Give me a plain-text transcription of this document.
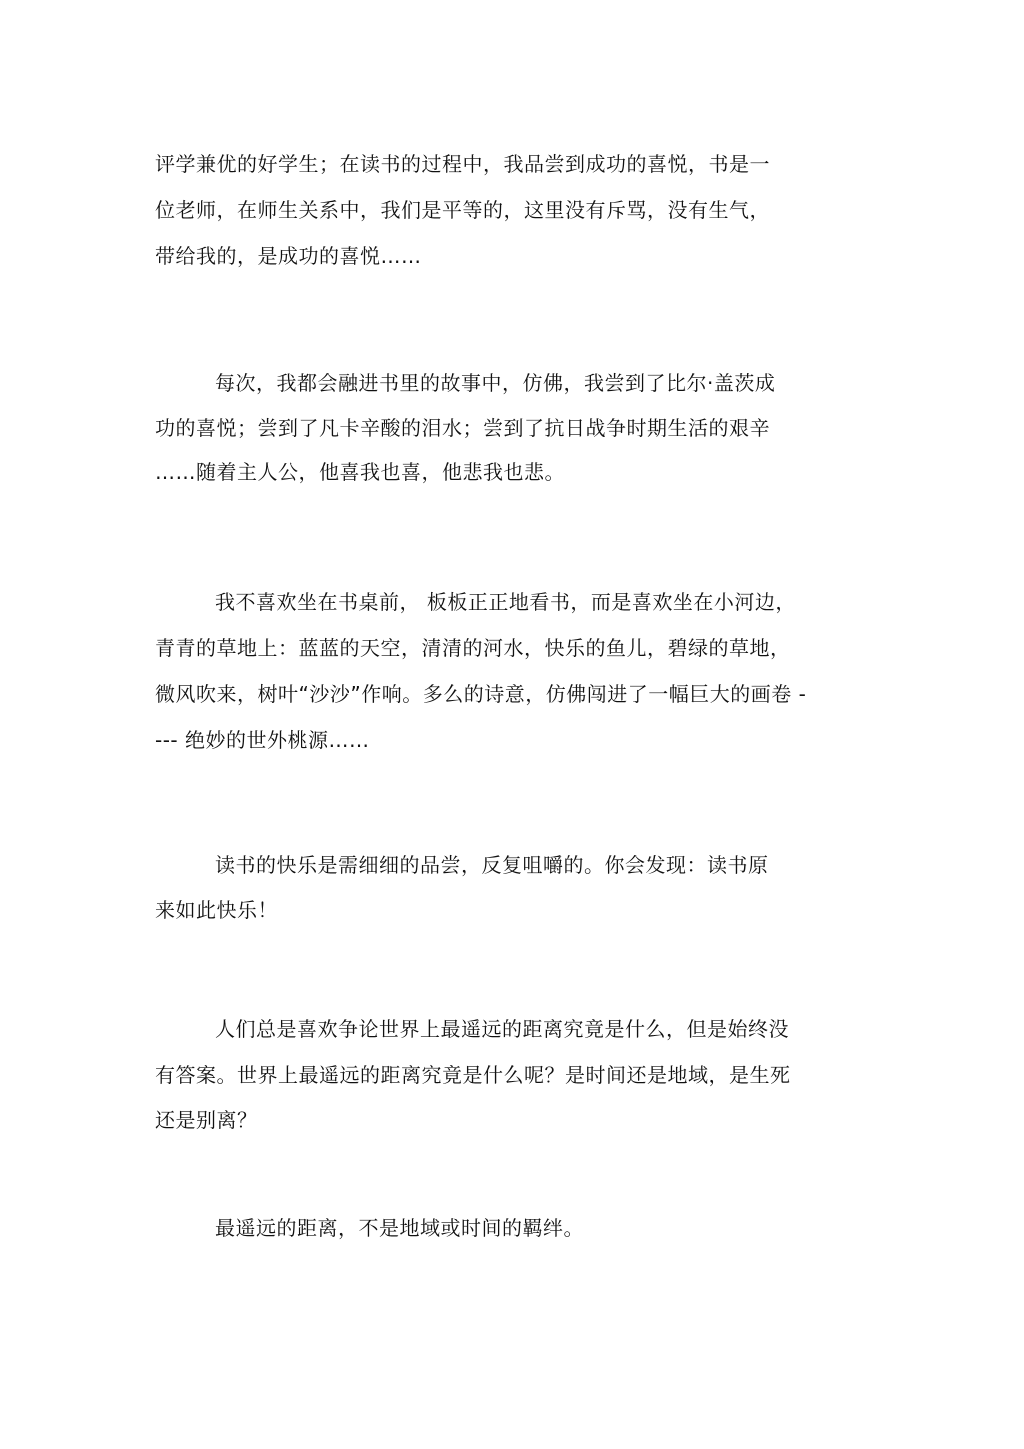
评学兼优的好学生；在读书的过程中，我品尝到成功的喜悦，书是一
位老师，在师生关系中，我们是平等的，这里没有斥骂，没有生气，
带给我的，是成功的喜悦……
每次，我都会融进书里的故事中，仿佛，我尝到了比尔·盖茨成
功的喜悦；尝到了凡卡辛酸的泪水；尝到了抗日战争时期生活的艰辛
……随着主人公，他喜我也喜，他悲我也悲。
我不喜欢坐在书桌前， 板板正正地看书，而是喜欢坐在小河边，
青青的草地上：蓝蓝的天空，清清的河水，快乐的鱼儿，碧绿的草地，
微风吹来，树叶“沙沙”作响。多么的诗意，仿佛闯进了一幅巨大的画卷 -
--- 绝妙的世外桃源……
读书的快乐是需细细的品尝，反复咀嚼的。你会发现：读书原
来如此快乐！
人们总是喜欢争论世界上最遥远的距离究竟是什么，但是始终没
有答案。世界上最遥远的距离究竟是什么呢？是时间还是地域，是生死
还是别离？
最遥远的距离，不是地域或时间的羁绊。
